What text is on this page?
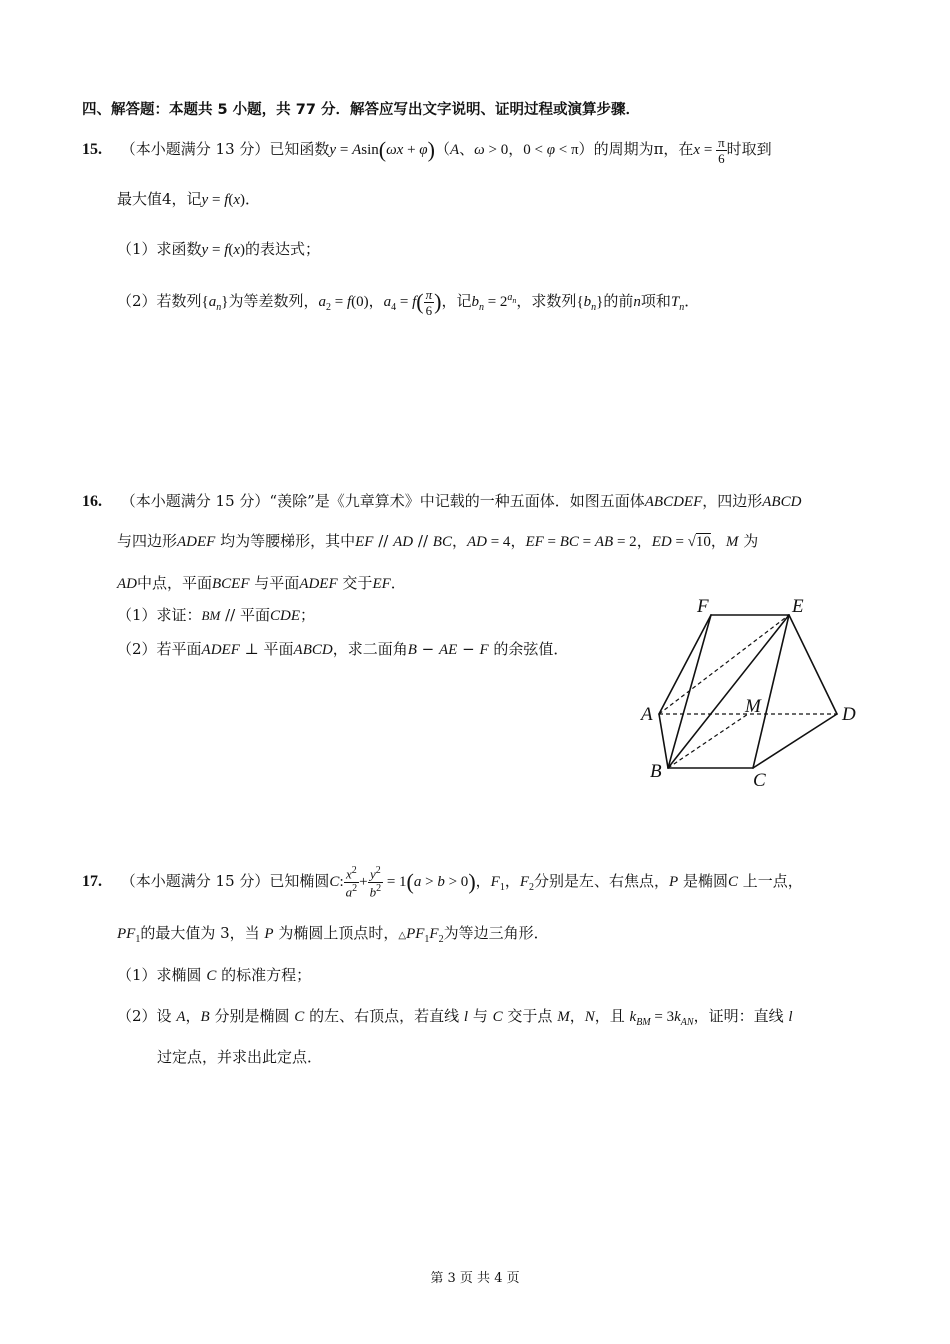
四、解答题：本题共 5 小题，共 77 分．解答应写出文字说明、证明过程或演算步骤．
15. （本小题满分 13 分）已知函数y = Asin(ωx + φ)（A、ω > 0，0 < φ < π）的周期为π，在$x = \frac{\pi}{6}$ 时取到
最大值4，记y = f(x)．
（1）求函数y = f(x)的表达式；
（2）若数列$\{a_n\}$为等差数列，$a_2 = f(0)$，$a_4 = f( \frac{\pi}{6}$ )，记$b_n = 2^{a_n}$，求数列$\{b_n\}$的前n项和$T_n$．
16. （本小题满分 15 分）“羡除”是《九章算术》中记载的一种五面体．如图五面体ABCDEF，四边形ABCD
与四边形ADEF 均为等腰梯形，其中EF // AD // BC，AD = 4，EF = BC = AB = 2，ED = √10，M 为
AD中点，平面BCEF 与平面ADEF 交于EF．
（1）求证：BM // 平面CDE；
（2）若平面ADEF ⊥ 平面ABCD，求二面角B − AE − F 的余弦值．
F	E
A	M	D
B	C
17. （本小题满分 15 分）已知椭圆C: $\frac{x^2}{a^2} + \frac{y^2}{b^2} = 1(a > b > 0)$，$F_1$，$F_2$分别是左、右焦点，P 是椭圆C 上一点，
$PF_1$的最大值为 3，当 P 为椭圆上顶点时，$\triangle PF_1F_2$为等边三角形．
（1）求椭圆 C 的标准方程；
（2）设 A，B 分别是椭圆 C 的左、右顶点，若直线 l 与 C 交于点 M，N，且 $k_{BM} = 3k_{AN}$，证明：直线 l
过定点，并求出此定点．
第 3 页 共 4 页
